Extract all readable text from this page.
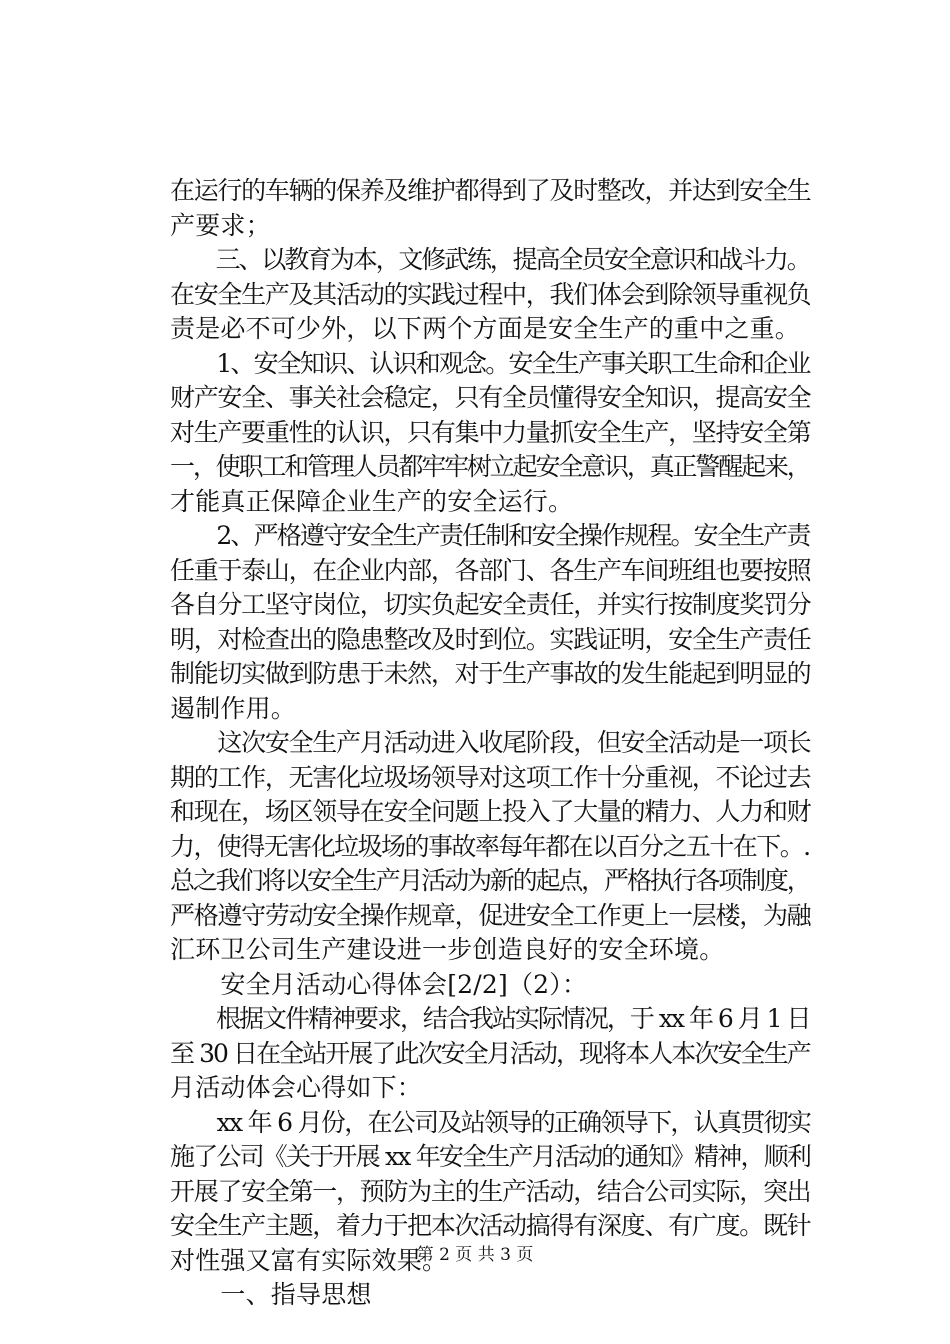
在运行的车辆的保养及维护都得到了及时整改，并达到安全生
产要求；
　　三、以教育为本，文修武练，提高全员安全意识和战斗力。
在安全生产及其活动的实践过程中，我们体会到除领导重视负
责是必不可少外，以下两个方面是安全生产的重中之重。
　　1、安全知识、认识和观念。安全生产事关职工生命和企业
财产安全、事关社会稳定，只有全员懂得安全知识，提高安全
对生产要重性的认识，只有集中力量抓安全生产，坚持安全第
一，使职工和管理人员都牢牢树立起安全意识，真正警醒起来，
才能真正保障企业生产的安全运行。
　　2、严格遵守安全生产责任制和安全操作规程。安全生产责
任重于泰山，在企业内部，各部门、各生产车间班组也要按照
各自分工坚守岗位，切实负起安全责任，并实行按制度奖罚分
明，对检查出的隐患整改及时到位。实践证明，安全生产责任
制能切实做到防患于未然，对于生产事故的发生能起到明显的
遏制作用。
　　这次安全生产月活动进入收尾阶段，但安全活动是一项长
期的工作，无害化垃圾场领导对这项工作十分重视，不论过去
和现在，场区领导在安全问题上投入了大量的精力、人力和财
力，使得无害化垃圾场的事故率每年都在以百分之五十在下。.
总之我们将以安全生产月活动为新的起点，严格执行各项制度，
严格遵守劳动安全操作规章，促进安全工作更上一层楼，为融
汇环卫公司生产建设进一步创造良好的安全环境。
　　安全月活动心得体会[2/2]（2）：
　　根据文件精神要求，结合我站实际情况，于 xx 年 6 月 1 日
至 30 日在全站开展了此次安全月活动，现将本人本次安全生产
月活动体会心得如下：
　　xx 年 6 月份，在公司及站领导的正确领导下，认真贯彻实
施了公司《关于开展 xx 年安全生产月活动的通知》精神，顺利
开展了安全第一，预防为主的生产活动，结合公司实际，突出
安全生产主题，着力于把本次活动搞得有深度、有广度。既针
对性强又富有实际效果。
　　一、指导思想
第 2 页 共 3 页
